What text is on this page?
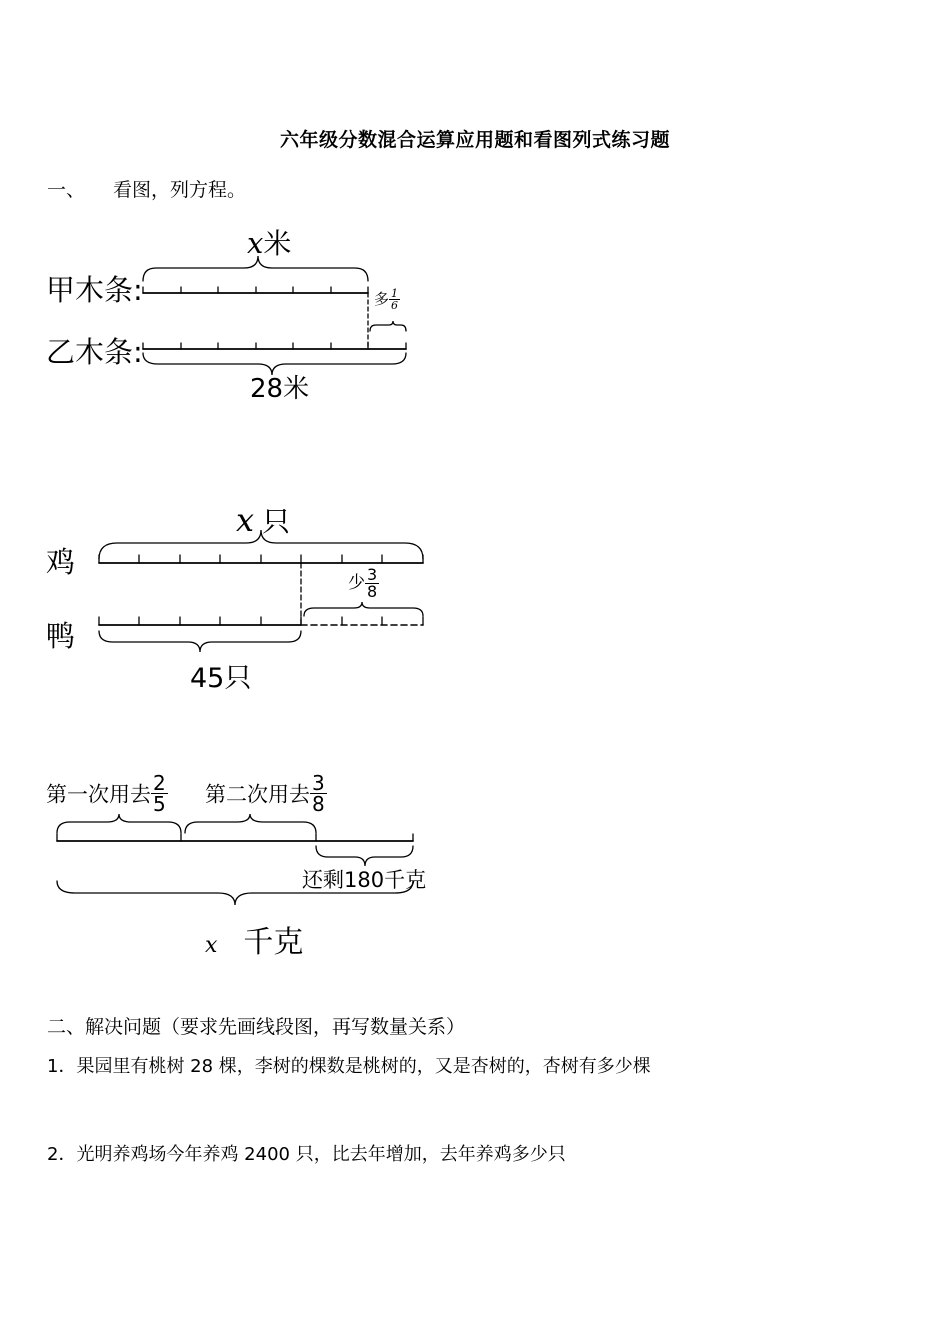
六年级分数混合运算应用题和看图列式练习题
一、 看图，列方程。
甲木条:
乙木条:
x米
多 $\frac{1}{6}$
28米
鸡
鸭
x 只
少 $\frac{3}{8}$
45只
第一次用去 $\frac{2}{5}$ 第二次用去 $\frac{3}{8}$
还剩180千克
x 千克
二、解决问题（要求先画线段图，再写数量关系）
1．果园里有桃树 28 棵，李树的棵数是桃树的，又是杏树的，杏树有多少棵
2．光明养鸡场今年养鸡 2400 只，比去年增加，去年养鸡多少只
